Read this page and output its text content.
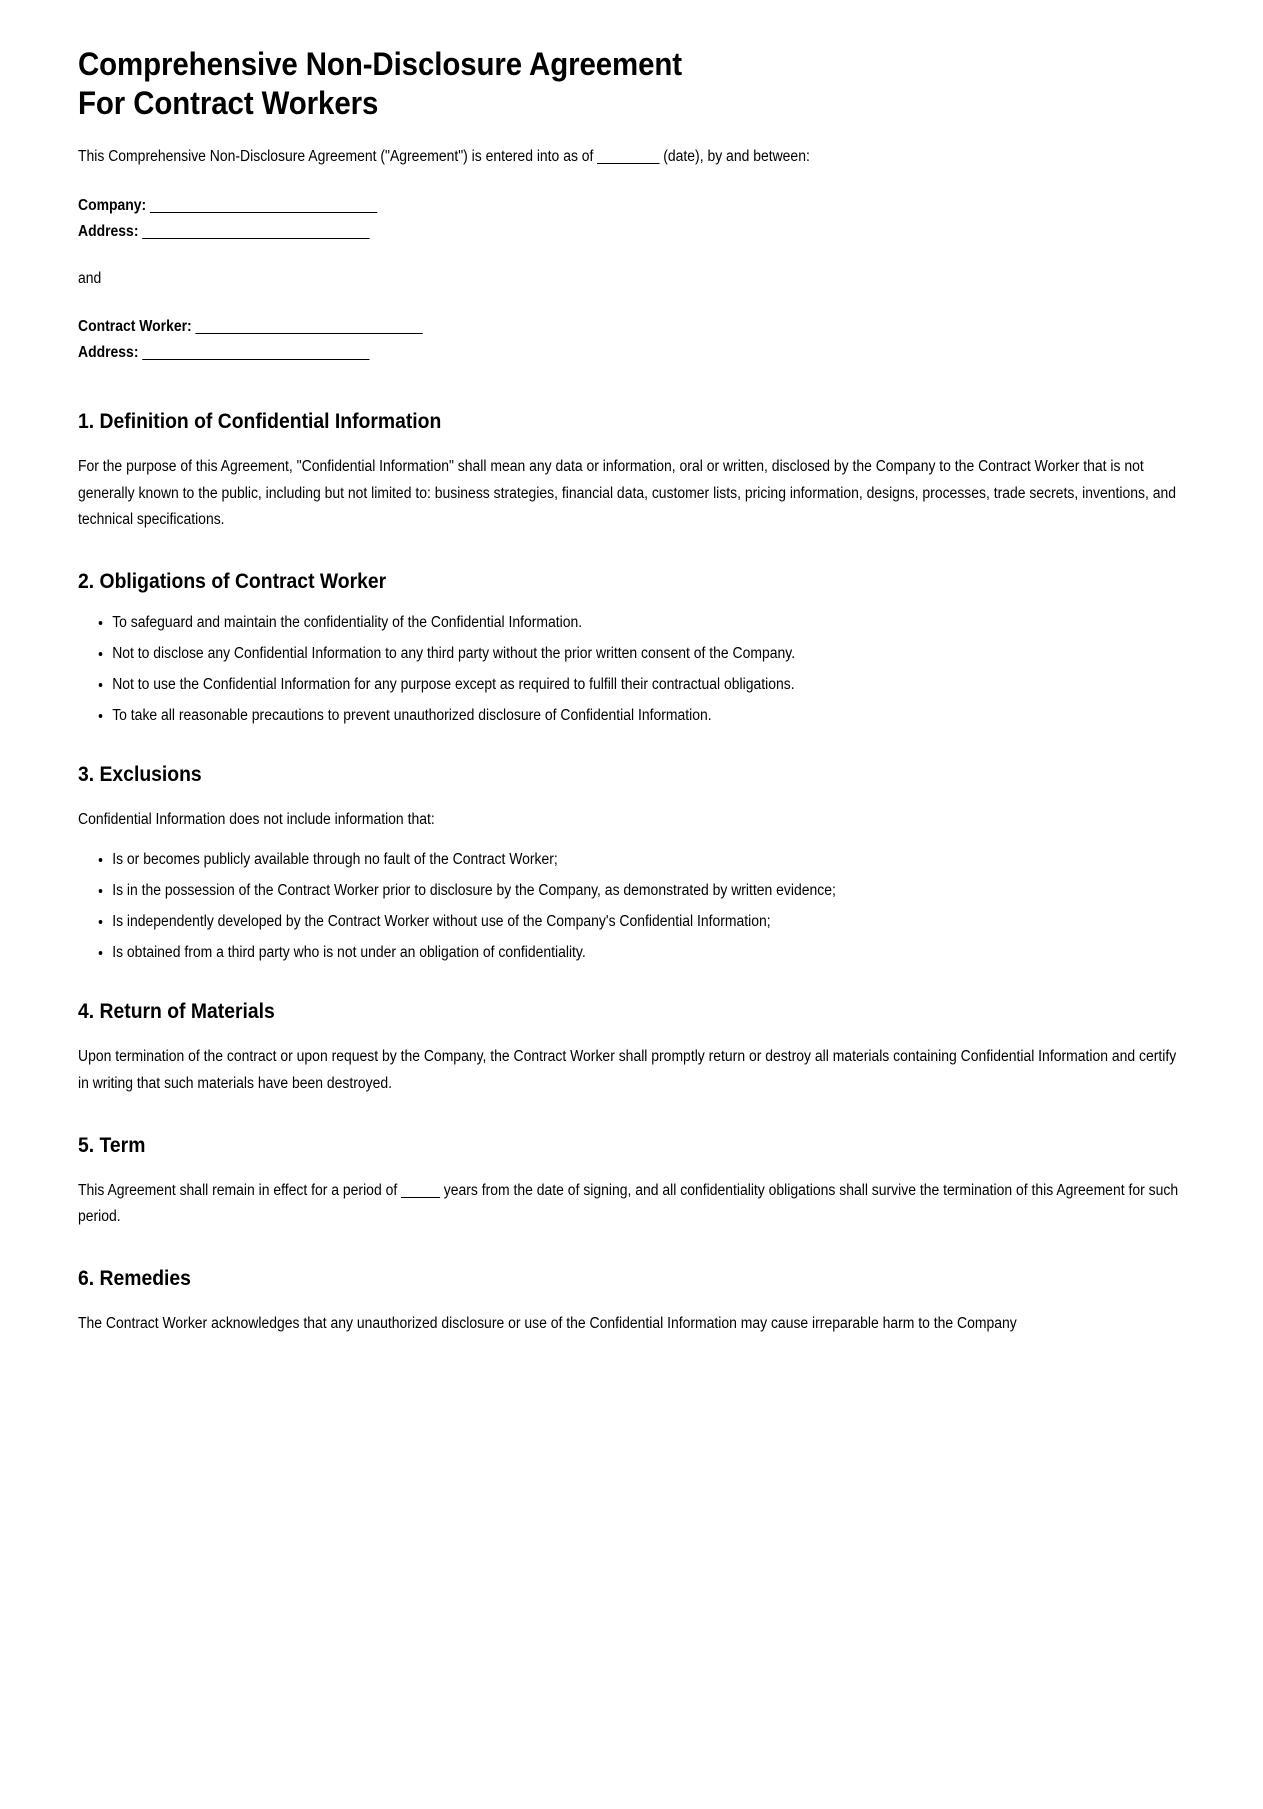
Comprehensive Non-Disclosure Agreement
For Contract Workers

This Comprehensive Non-Disclosure Agreement ("Agreement") is entered into as of ________ (date), by and between:

Company: _______________________________
Address: _______________________________
and
Contract Worker: _______________________________
Address: _______________________________
1. Definition of Confidential Information

For the purpose of this Agreement, "Confidential Information" shall mean any data or information, oral or written, disclosed by the Company to the Contract Worker that is not generally known to the public, including but not limited to: business strategies, financial data, customer lists, pricing information, designs, processes, trade secrets, inventions, and technical specifications.

2. Obligations of Contract Worker
• To safeguard and maintain the confidentiality of the Confidential Information.
• Not to disclose any Confidential Information to any third party without the prior written consent of the Company.
• Not to use the Confidential Information for any purpose except as required to fulfill their contractual obligations.
• To take all reasonable precautions to prevent unauthorized disclosure of Confidential Information.
3. Exclusions

Confidential Information does not include information that:

• Is or becomes publicly available through no fault of the Contract Worker;
• Is in the possession of the Contract Worker prior to disclosure by the Company, as demonstrated by written evidence;
• Is independently developed by the Contract Worker without use of the Company's Confidential Information;
• Is obtained from a third party who is not under an obligation of confidentiality.
4. Return of Materials

Upon termination of the contract or upon request by the Company, the Contract Worker shall promptly return or destroy all materials containing Confidential Information and certify in writing that such materials have been destroyed.

5. Term

This Agreement shall remain in effect for a period of _____ years from the date of signing, and all confidentiality obligations shall survive the termination of this Agreement for such period.

6. Remedies

The Contract Worker acknowledges that any unauthorized disclosure or use of the Confidential Information may cause irreparable harm to the Company
